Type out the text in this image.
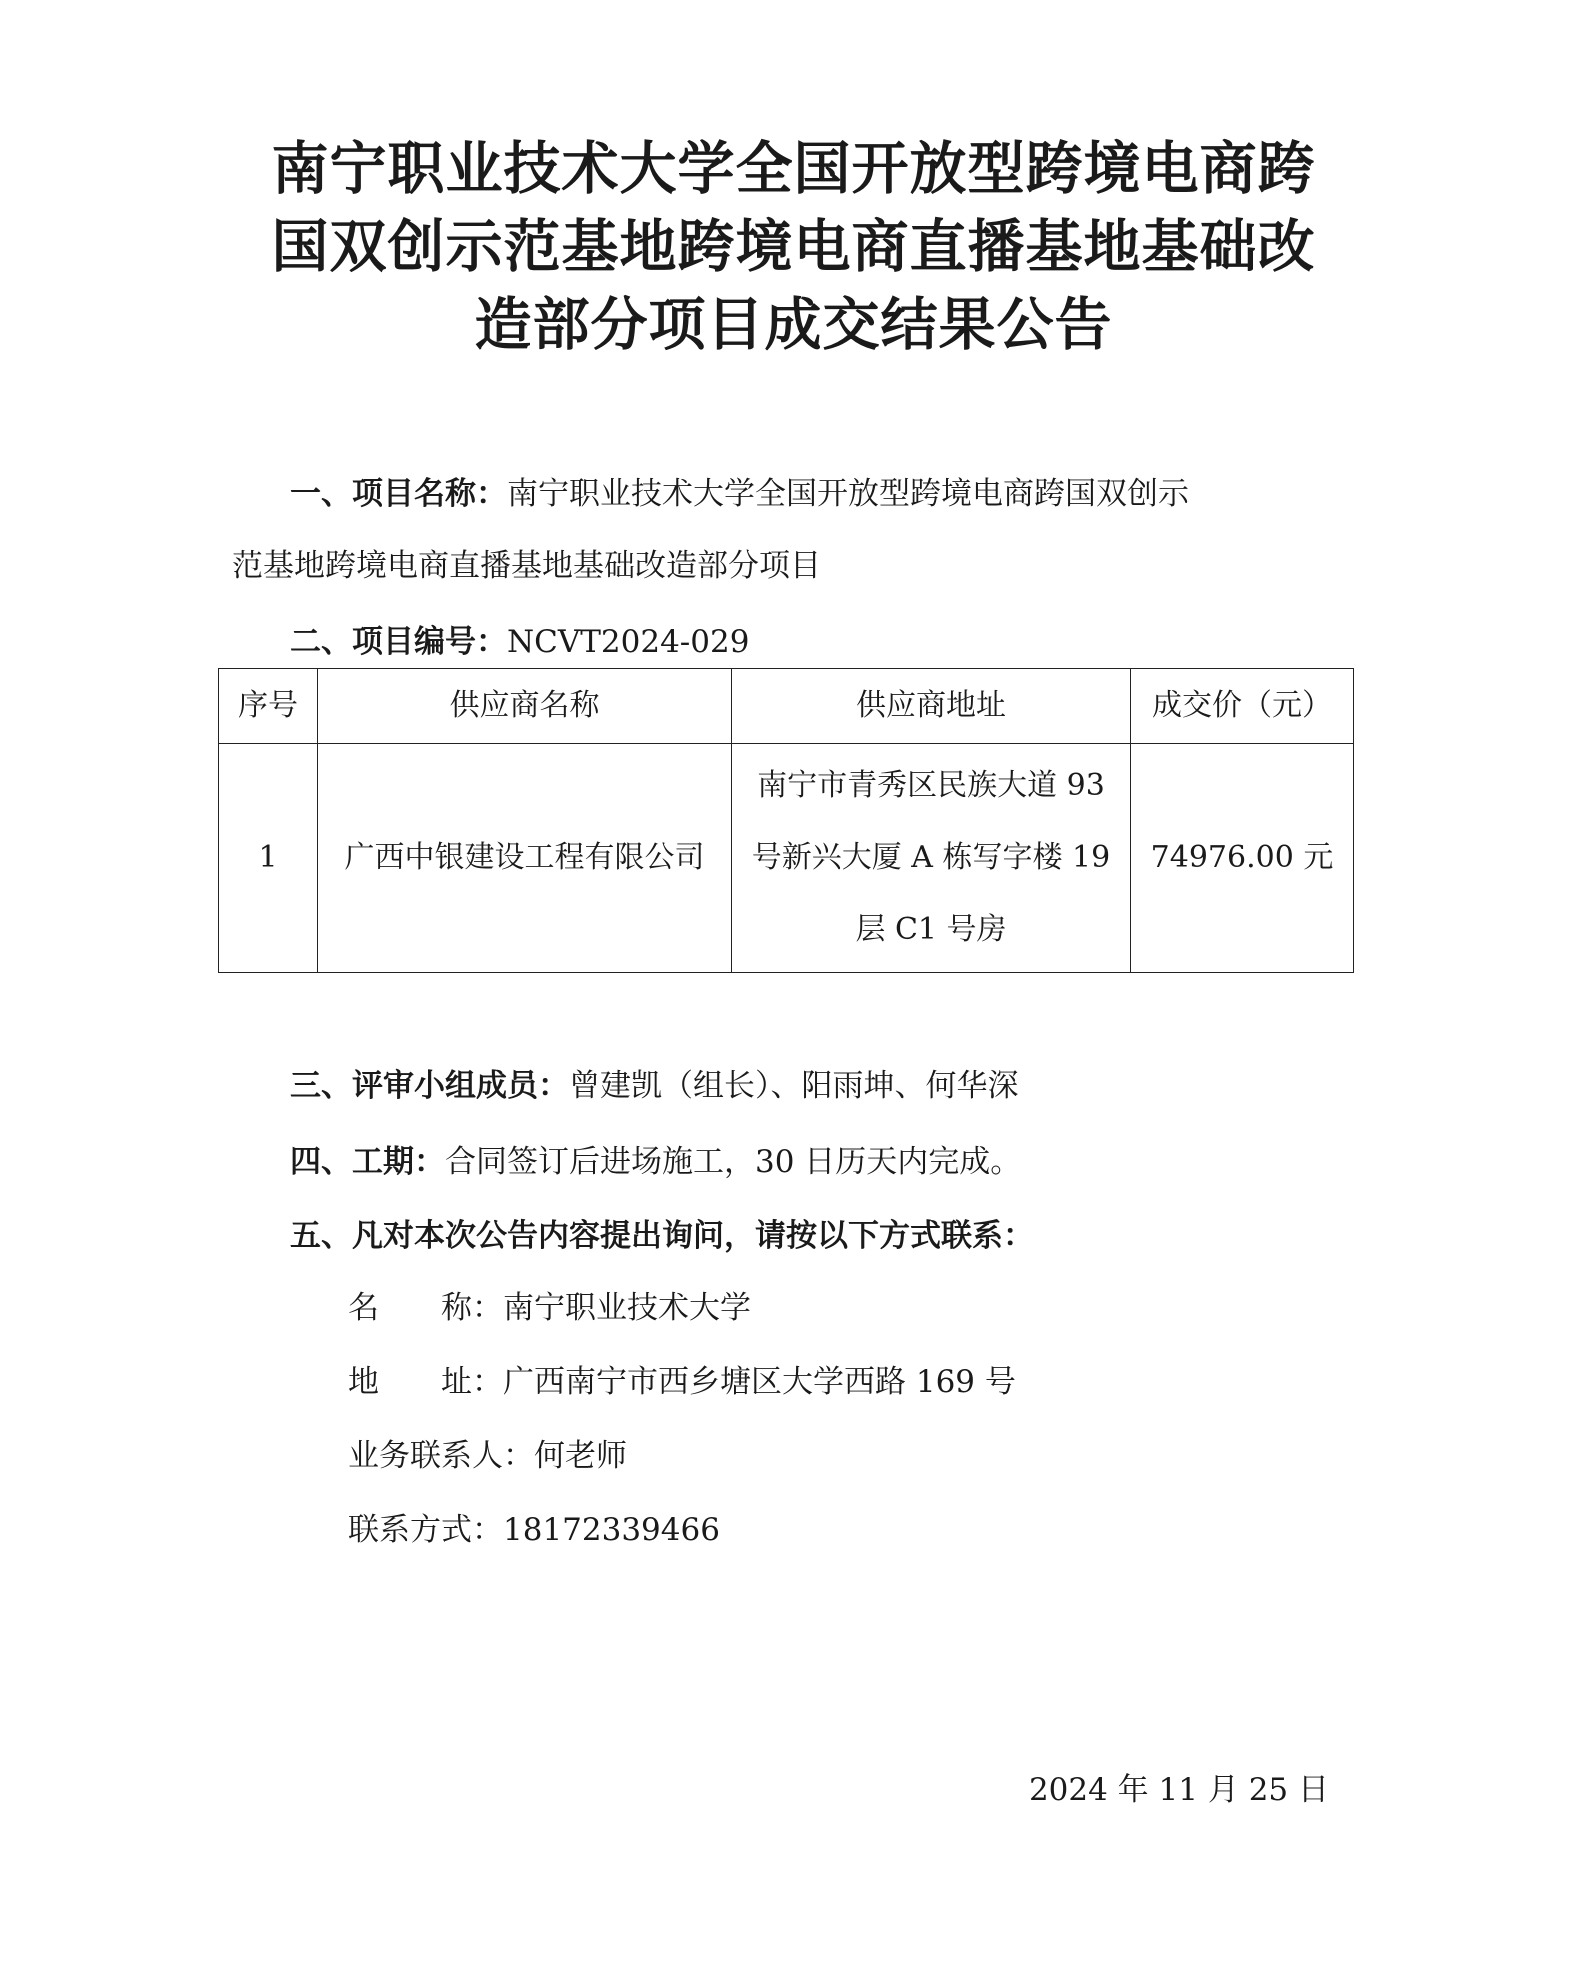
南宁职业技术大学全国开放型跨境电商跨
国双创示范基地跨境电商直播基地基础改
造部分项目成交结果公告
一、项目名称：南宁职业技术大学全国开放型跨境电商跨国双创示
范基地跨境电商直播基地基础改造部分项目
二、项目编号：NCVT2024-029
序号	供应商名称	供应商地址	成交价（元）
1	广西中银建设工程有限公司	南宁市青秀区民族大道 93
号新兴大厦 A 栋写字楼 19
层 C1 号房	74976.00 元
三、评审小组成员：曾建凯（组长）、阳雨坤、何华深
四、工期：合同签订后进场施工，30 日历天内完成。
五、凡对本次公告内容提出询问，请按以下方式联系：
名　　称：南宁职业技术大学
地　　址：广西南宁市西乡塘区大学西路 169 号
业务联系人：何老师
联系方式：18172339466
2024 年 11 月 25 日
